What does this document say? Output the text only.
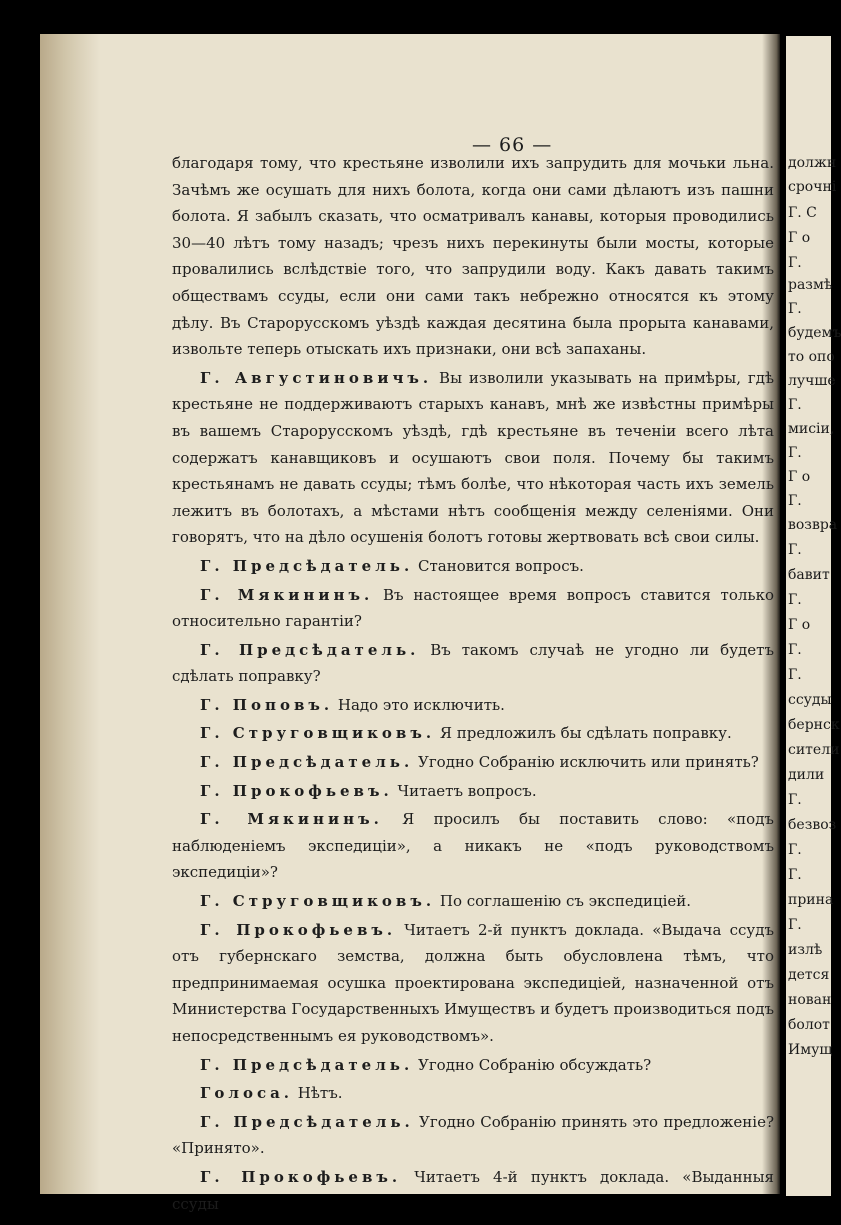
— 66 —

благодаря тому, что крестьяне изволили ихъ запрудить для мочьки льна. Зачѣмъ же осушать для нихъ болота, когда они сами дѣлаютъ изъ пашни болота. Я забылъ сказать, что осматривалъ канавы, которыя проводились 30—40 лѣтъ тому назадъ; чрезъ нихъ перекинуты были мосты, которые провалились вслѣдствіе того, что запрудили воду. Какъ давать такимъ обществамъ ссуды, если они сами такъ небрежно относятся къ этому дѣлу. Въ Старорусскомъ уѣздѣ каждая десятина была прорыта канавами, извольте теперь отыскать ихъ признаки, они всѣ запаханы.

Г. Августиновичъ. Вы изволили указывать на примѣры, гдѣ крестьяне не поддерживаютъ старыхъ канавъ, мнѣ же извѣстны примѣры въ вашемъ Старорусскомъ уѣздѣ, гдѣ крестьяне въ теченіи всего лѣта содержатъ канавщиковъ и осушаютъ свои поля. Почему бы такимъ крестьянамъ не давать ссуды; тѣмъ болѣе, что нѣкоторая часть ихъ земель лежитъ въ болотахъ, а мѣстами нѣтъ сообщенія между селеніями. Они говорятъ, что на дѣло осушенія болотъ готовы жертвовать всѣ свои силы.

Г. Предсѣдатель. Становится вопросъ.

Г. Мякининъ. Въ настоящее время вопросъ ставится только относительно гарантіи?

Г. Предсѣдатель. Въ такомъ случаѣ не угодно ли будетъ сдѣлать поправку?

Г. Поповъ. Надо это исключить.

Г. Струговщиковъ. Я предложилъ бы сдѣлать поправку.

Г. Предсѣдатель. Угодно Собранію исключить или принять?

Г. Прокофьевъ. Читаетъ вопросъ.

Г. Мякининъ. Я просилъ бы поставить слово: «подъ наблюденіемъ экспедиціи», а никакъ не «подъ руководствомъ экспедиціи»?

Г. Струговщиковъ. По соглашенію съ экспедиціей.

Г. Прокофьевъ. Читаетъ 2-й пунктъ доклада. «Выдача ссудъ отъ губернскаго земства, должна быть обусловлена тѣмъ, что предпринимаемая осушка проектирована экспедиціей, назначенной отъ Министерства Государственныхъ Имуществъ и будетъ производиться подъ непосредственнымъ ея руководствомъ».

Г. Предсѣдатель. Угодно Собранію обсуждать?

Голоса. Нѣтъ.

Г. Предсѣдатель. Угодно Собранію принять это предложеніе? «Принято».

Г. Прокофьевъ. Читаетъ 4-й пунктъ доклада. «Выданныя ссуды

должн
срочні
Г. С
Г о
Г.
размѣ
Г.
будемъ
то опо
лучше
Г.
мисіи,
Г.
Г о
Г.
возвра
Г.
бавит
Г.
Г о
Г.
Г.
ссуды
бернск
сители
дили
Г.
безвоз
Г.
Г.
прина
Г.
излѣ
дется
нован
болот
Имущ
